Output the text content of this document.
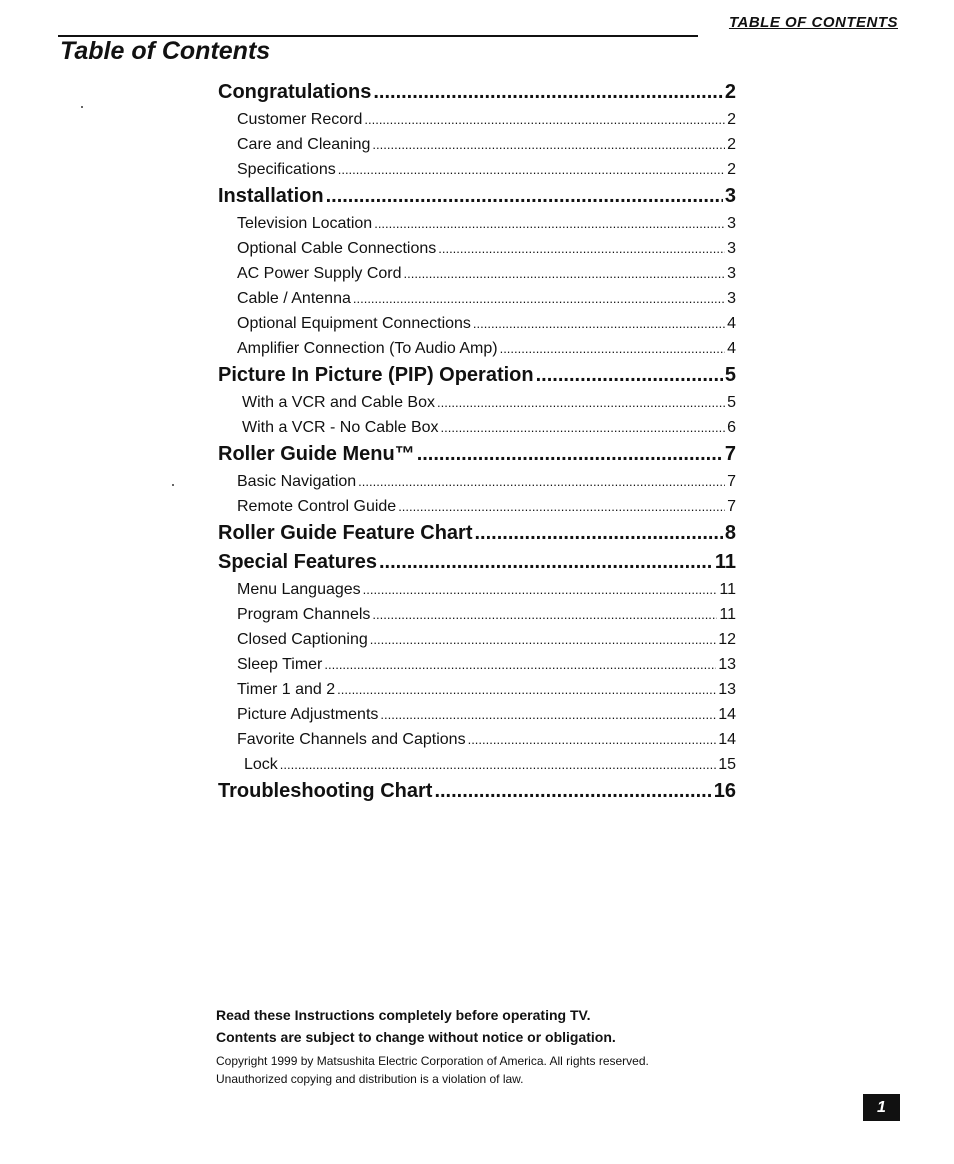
TABLE OF CONTENTS
Table of Contents
Congratulations .....	2
Customer Record .....	2
Care and Cleaning .....	2
Specifications .....	2
Installation .....	3
Television Location .....	3
Optional Cable Connections .....	3
AC Power Supply Cord .....	3
Cable / Antenna .....	3
Optional Equipment Connections .....	4
Amplifier Connection (To Audio Amp) .....	4
Picture In Picture (PIP) Operation .....	5
With a VCR and Cable Box .....	5
With a VCR - No Cable Box .....	6
Roller Guide Menu™ .....	7
Basic Navigation .....	7
Remote Control Guide .....	7
Roller Guide Feature Chart .....	8
Special Features .....	11
Menu Languages .....	11
Program Channels .....	11
Closed Captioning .....	12
Sleep Timer .....	13
Timer 1 and 2 .....	13
Picture Adjustments .....	14
Favorite Channels and Captions .....	14
Lock .....	15
Troubleshooting Chart .....	16

Read these Instructions completely before operating TV.

Contents are subject to change without notice or obligation.

Copyright 1999 by Matsushita Electric Corporation of America. All rights reserved.

Unauthorized copying and distribution is a violation of law.

1
